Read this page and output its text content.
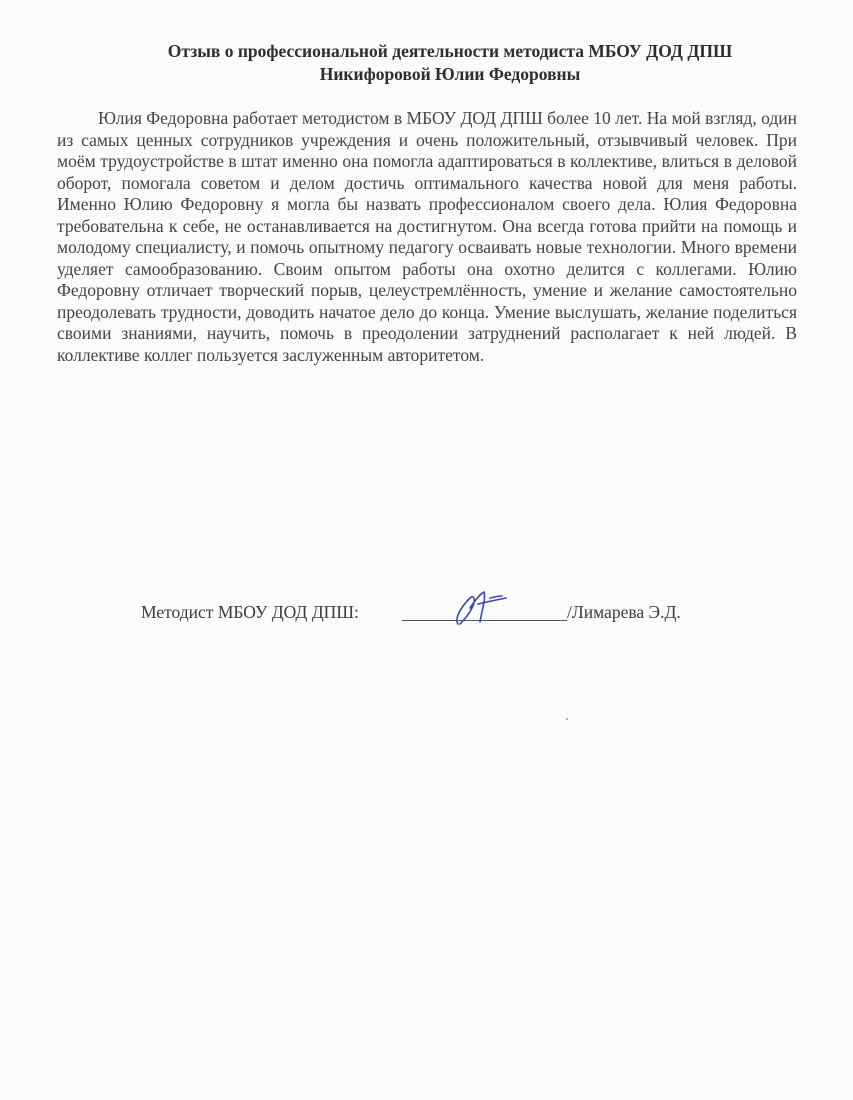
Отзыв о профессиональной деятельности методиста МБОУ ДОД ДПШ
Никифоровой Юлии Федоровны

Юлия Федоровна работает методистом в МБОУ ДОД ДПШ более 10 лет. На мой взгляд, один из самых ценных сотрудников учреждения и очень положительный, отзывчивый человек. При моём трудоустройстве в штат именно она помогла адаптироваться в коллективе, влиться в деловой оборот, помогала советом и делом достичь оптимального качества новой для меня работы. Именно Юлию Федоровну я могла бы назвать профессионалом своего дела. Юлия Федоровна требовательна к себе, не останавливается на достигнутом. Она всегда готова прийти на помощь и молодому специалисту, и помочь опытному педагогу осваивать новые технологии. Много времени уделяет самообразованию. Своим опытом работы она охотно делится с коллегами. Юлию Федоровну отличает творческий порыв, целеустремлённость, умение и желание самостоятельно преодолевать трудности, доводить начатое дело до конца. Умение выслушать, желание поделиться своими знаниями, научить, помочь в преодолении затруднений располагает к ней людей. В коллективе коллег пользуется заслуженным авторитетом.

Методист МБОУ ДОД ДПШ:	/Лимарева Э.Д.
